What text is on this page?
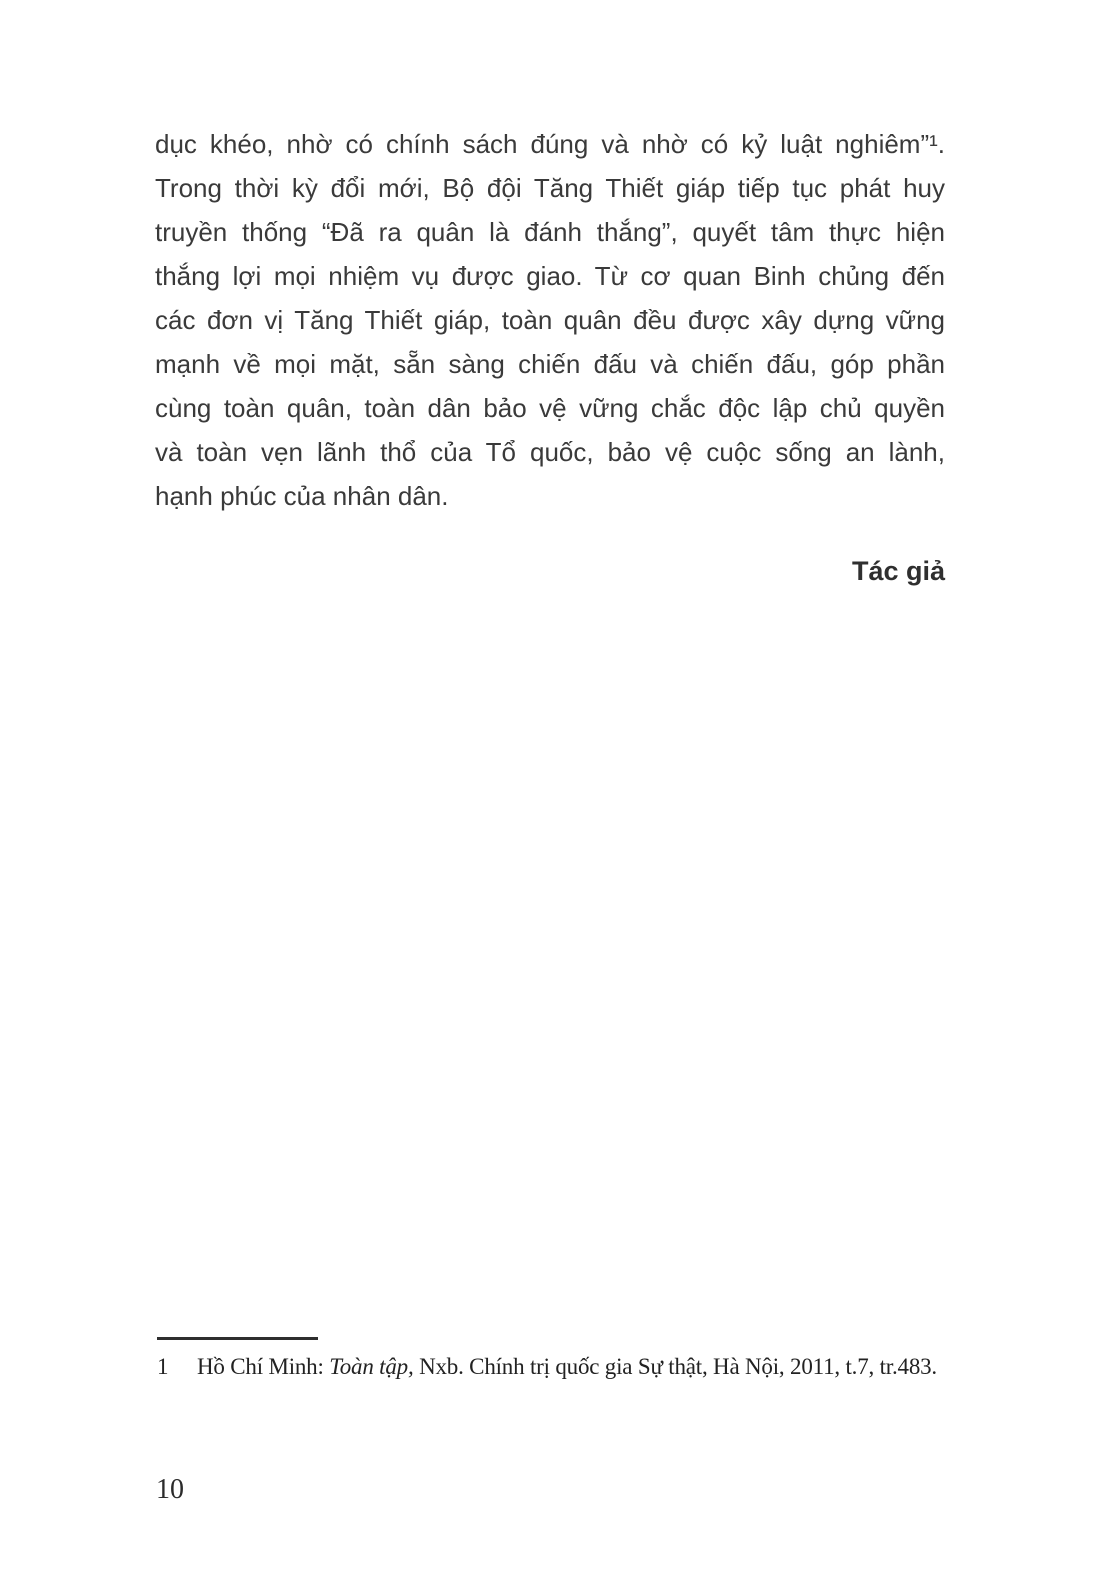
dục khéo, nhờ có chính sách đúng và nhờ có kỷ luật nghiêm”¹.
Trong thời kỳ đổi mới, Bộ đội Tăng Thiết giáp tiếp tục phát huy
truyền thống “Đã ra quân là đánh thắng”, quyết tâm thực hiện
thắng lợi mọi nhiệm vụ được giao. Từ cơ quan Binh chủng đến
các đơn vị Tăng Thiết giáp, toàn quân đều được xây dựng vững
mạnh về mọi mặt, sẵn sàng chiến đấu và chiến đấu, góp phần
cùng toàn quân, toàn dân bảo vệ vững chắc độc lập chủ quyền
và toàn vẹn lãnh thổ của Tổ quốc, bảo vệ cuộc sống an lành,
hạnh phúc của nhân dân.
Tác giả
1 Hồ Chí Minh: Toàn tập, Nxb. Chính trị quốc gia Sự thật, Hà Nội, 2011, t.7, tr.483.
10
